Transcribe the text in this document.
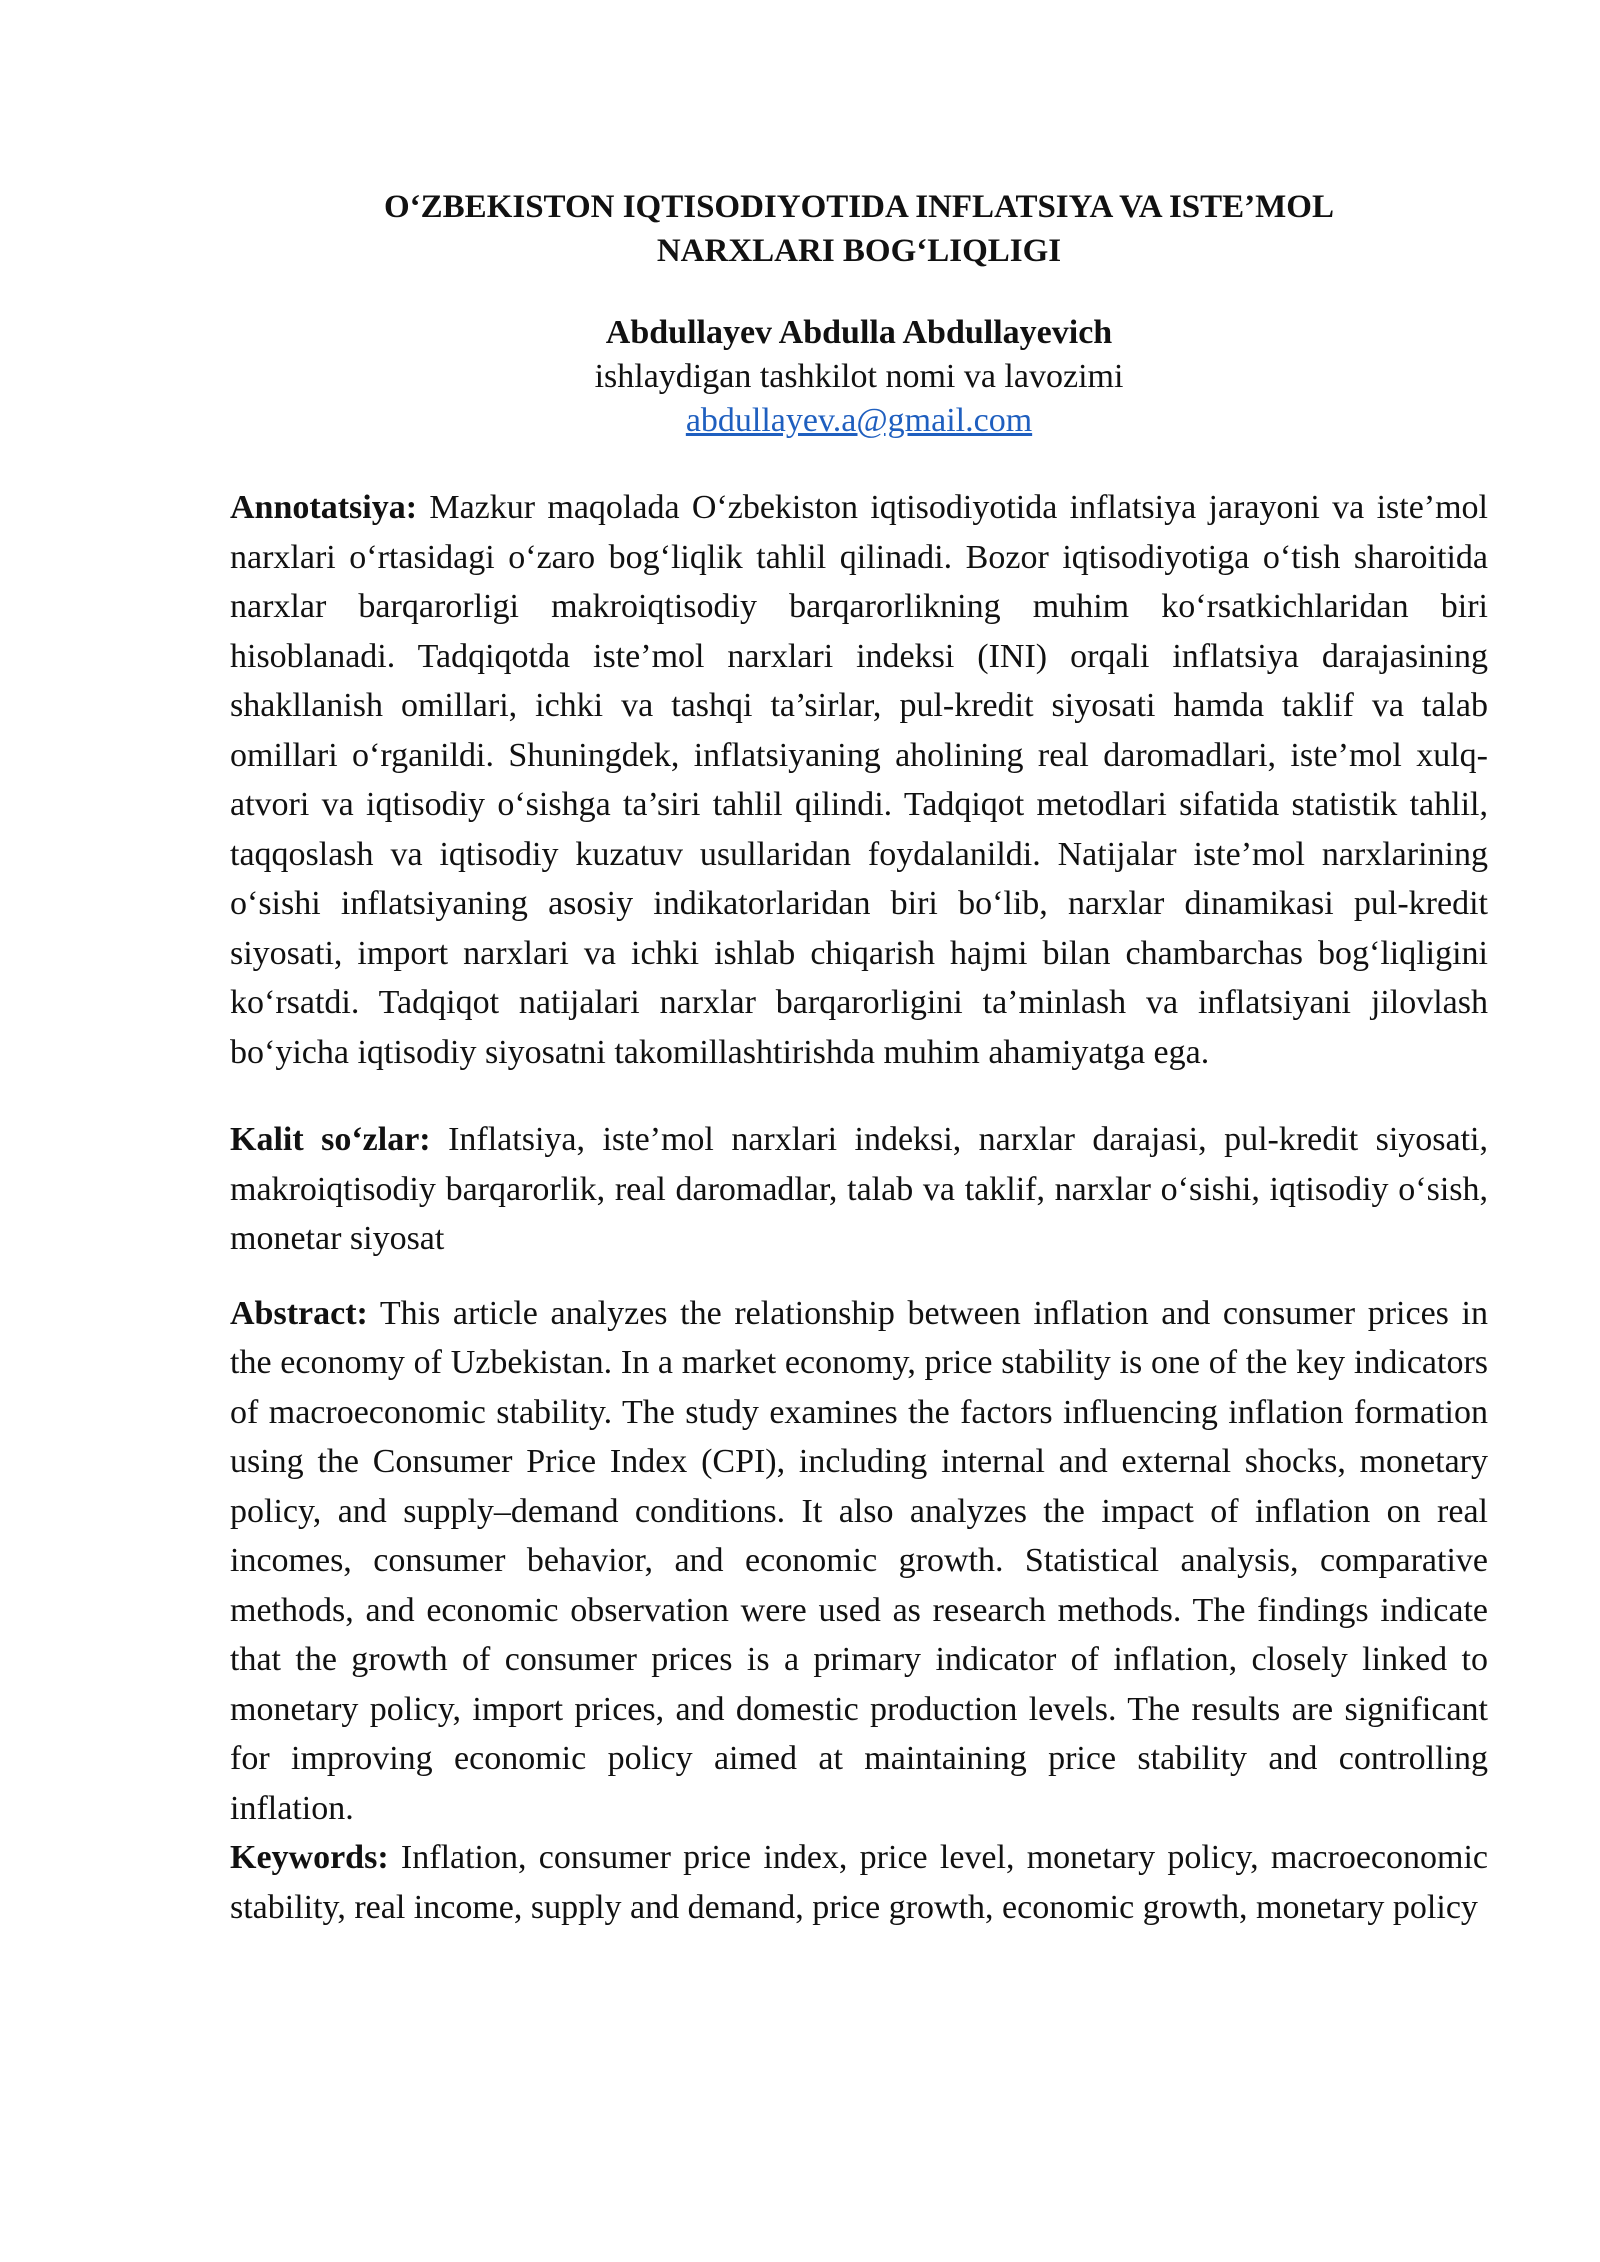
O‘ZBEKISTON IQTISODIYOTIDA INFLATSIYA VA ISTE’MOL
NARXLARI BOG‘LIQLIGI

Abdullayev Abdulla Abdullayevich

ishlaydigan tashkilot nomi va lavozimi

abdullayev.a@gmail.com

Annotatsiya: Mazkur maqolada O‘zbekiston iqtisodiyotida inflatsiya jarayoni va iste’mol narxlari o‘rtasidagi o‘zaro bog‘liqlik tahlil qilinadi. Bozor iqtisodiyotiga o‘tish sharoitida narxlar barqarorligi makroiqtisodiy barqarorlikning muhim ko‘rsatkichlaridan biri hisoblanadi. Tadqiqotda iste’mol narxlari indeksi (INI) orqali inflatsiya darajasining shakllanish omillari, ichki va tashqi ta’sirlar, pul-kredit siyosati hamda taklif va talab omillari o‘rganildi. Shuningdek, inflatsiyaning aholining real daromadlari, iste’mol xulq-atvori va iqtisodiy o‘sishga ta’siri tahlil qilindi. Tadqiqot metodlari sifatida statistik tahlil, taqqoslash va iqtisodiy kuzatuv usullaridan foydalanildi. Natijalar iste’mol narxlarining o‘sishi inflatsiyaning asosiy indikatorlaridan biri bo‘lib, narxlar dinamikasi pul-kredit siyosati, import narxlari va ichki ishlab chiqarish hajmi bilan chambarchas bog‘liqligini ko‘rsatdi. Tadqiqot natijalari narxlar barqarorligini ta’minlash va inflatsiyani jilovlash bo‘yicha iqtisodiy siyosatni takomillashtirishda muhim ahamiyatga ega.

Kalit so‘zlar: Inflatsiya, iste’mol narxlari indeksi, narxlar darajasi, pul-kredit siyosati, makroiqtisodiy barqarorlik, real daromadlar, talab va taklif, narxlar o‘sishi, iqtisodiy o‘sish, monetar siyosat

Abstract: This article analyzes the relationship between inflation and consumer prices in the economy of Uzbekistan. In a market economy, price stability is one of the key indicators of macroeconomic stability. The study examines the factors influencing inflation formation using the Consumer Price Index (CPI), including internal and external shocks, monetary policy, and supply–demand conditions. It also analyzes the impact of inflation on real incomes, consumer behavior, and economic growth. Statistical analysis, comparative methods, and economic observation were used as research methods. The findings indicate that the growth of consumer prices is a primary indicator of inflation, closely linked to monetary policy, import prices, and domestic production levels. The results are significant for improving economic policy aimed at maintaining price stability and controlling inflation.

Keywords: Inflation, consumer price index, price level, monetary policy, macroeconomic stability, real income, supply and demand, price growth, economic growth, monetary policy
